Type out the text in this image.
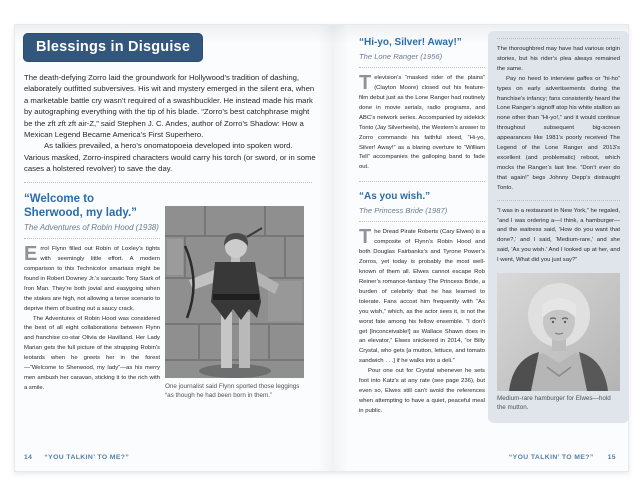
Blessings in Disguise

The death-defying Zorro laid the groundwork for Hollywood’s tradition of dashing, elaborately outfitted subversives. His wit and mystery emerged in the silent era, when a marketable battle cry wasn’t required of a swashbuckler. He instead made his mark by autographing everything with the tip of his blade. “Zorro’s best catchphrase might be the zft zft zft air-Z,” said Stephen J. C. Andes, author of Zorro’s Shadow: How a Mexican Legend Became America’s First Superhero.

As talkies prevailed, a hero’s onomatopoeia developed into spoken word. Various masked, Zorro-inspired characters would carry his torch (or sword, or in some cases a holstered revolver) to save the day.

“Welcome to Sherwood, my lady.”

The Adventures of Robin Hood (1938)

Errol Flynn filled out Robin of Loxley’s tights with seemingly little effort. A modern comparison to this Technicolor smartass might be found in Robert Downey Jr.’s sarcastic Tony Stark of Iron Man. They’re both jovial and easygoing when the stakes are high, not allowing a tense scenario to deprive them of busting out a saucy crack.

The Adventures of Robin Hood was considered the best of all eight collaborations between Flynn and franchise co-star Olivia de Havilland. Her Lady Marian gets the full picture of the strapping Robin’s leotards when he greets her in the forest—“Welcome to Sherwood, my lady”—as his merry men ambush her caravan, sticking it to the rich with a smile.	One journalist said Flynn sported those leggings “as though he had been born in them.”

14 “YOU TALKIN’ TO ME?”
“Hi-yo, Silver! Away!”

The Lone Ranger (1956)

Television’s “masked rider of the plains” (Clayton Moore) closed out his feature-film debut just as the Lone Ranger had routinely done in movie serials, radio programs, and ABC’s network series. Accompanied by sidekick Tonto (Jay Silverheels), the Western’s answer to Zorro commands his faithful steed, “Hi-yo, Silver! Away!” as a blaring overture to “William Tell” accompanies the galloping band to fade out.

“As you wish.”

The Princess Bride (1987)

The Dread Pirate Roberts (Cary Elwes) is a composite of Flynn’s Robin Hood and both Douglas Fairbanks’s and Tyrone Power’s Zorros, yet today is probably the most well-known of them all. Elwes cannot escape Rob Reiner’s romance-fantasy The Princess Bride, a burden of celebrity that he has learned to tolerate. Fans accost him frequently with “As you wish,” which, as the actor sees it, is not the worst fate among his fellow ensemble. “I don’t get [Inconceivable!] as Wallace Shawn does in an elevator,” Elwes snickered in 2014, “or Billy Crystal, who gets [a mutton, lettuce, and tomato sandwich . . .] if he walks into a deli.”

Pour one out for Crystal whenever he sets foot into Katz’s at any rate (see page 236), but even so, Elwes still can’t avoid the references when attempting to have a quiet, peaceful meal in public.

The thoroughbred may have had various origin stories, but his rider’s plea always remained the same.

Pay no heed to interview gaffes or “hi-ho” types on early advertisements during the franchise’s infancy; fans consistently heard the Lone Ranger’s signoff atop his white stallion as none other than “Hi-yo!,” and it would continue throughout subsequent big-screen appearances like 1981’s poorly received The Legend of the Lone Ranger and 2013’s excellent (and problematic) reboot, which mocks the Ranger’s last line. “Don’t ever do that again!” begs Johnny Depp’s distraught Tonto.

“I was in a restaurant in New York,” he regaled, “and I was ordering a—I think, a hamburger—and the waitress said, ‘How do you want that done?,’ and I said, ‘Medium-rare,’ and she said, ‘As you wish.’ And I looked up at her, and I went, What did you just say?”

Medium-rare hamburger for Elwes—hold the mutton.

“YOU TALKIN’ TO ME?” 15
